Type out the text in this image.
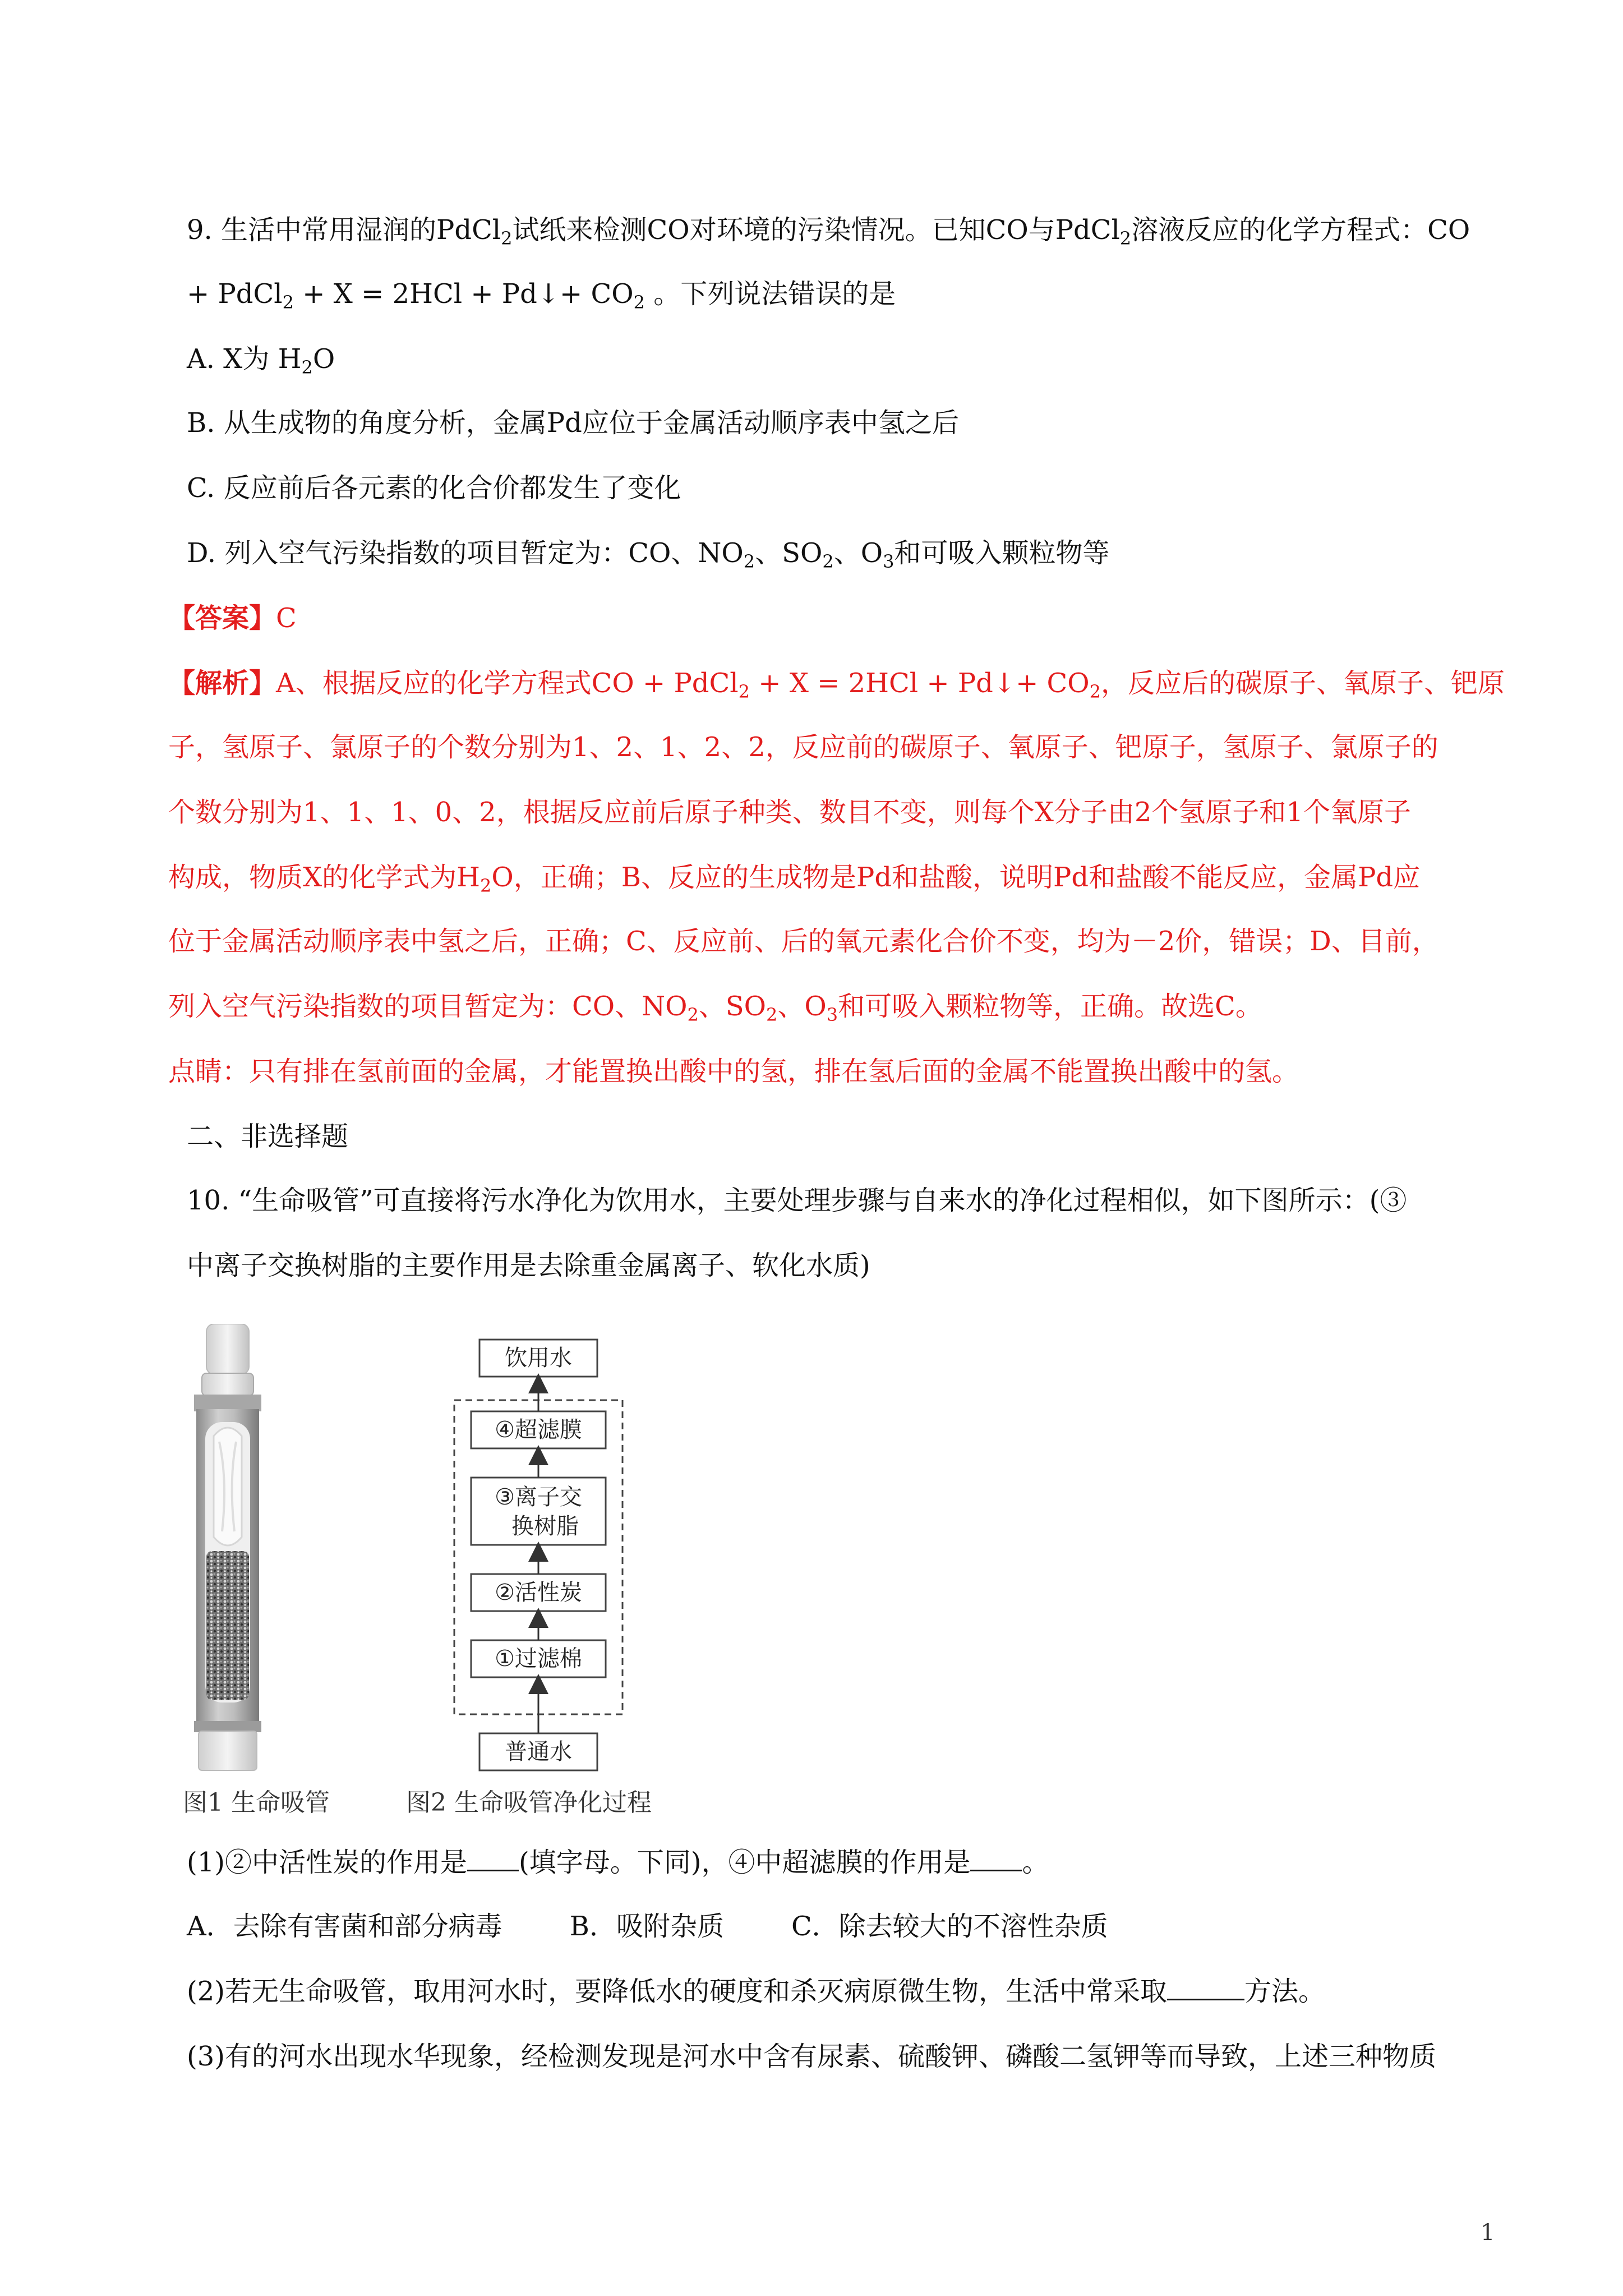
9. 生活中常用湿润的PdCl$_2$试纸来检测CO对环境的污染情况。已知CO与PdCl$_2$溶液反应的化学方程式：CO
+ PdCl$_2$ + X = 2HCl + Pd↓+ $CO_2$ 。下列说法错误的是
A. X为 $H_2O$
B. 从生成物的角度分析，金属Pd应位于金属活动顺序表中氢之后
C. 反应前后各元素的化合价都发生了变化
D. 列入空气污染指数的项目暂定为：CO、$NO_2$、$SO_2$、$O_3$和可吸入颗粒物等
【答案】C
【解析】A、根据反应的化学方程式CO + PdCl$_2$ + X = 2HCl + Pd↓+ $CO_2$，反应后的碳原子、氧原子、钯原
子，氢原子、氯原子的个数分别为1、2、1、2、2，反应前的碳原子、氧原子、钯原子，氢原子、氯原子的
个数分别为1、1、1、0、2，根据反应前后原子种类、数目不变，则每个X分子由2个氢原子和1个氧原子
构成，物质X的化学式为$H_2O$，正确；B、反应的生成物是Pd和盐酸，说明Pd和盐酸不能反应，金属Pd应
位于金属活动顺序表中氢之后，正确；C、反应前、后的氧元素化合价不变，均为－2价，错误；D、目前，
列入空气污染指数的项目暂定为：CO、$NO_2$、$SO_2$、$O_3$和可吸入颗粒物等，正确。故选C。
点睛：只有排在氢前面的金属，才能置换出酸中的氢，排在氢后面的金属不能置换出酸中的氢。
二、非选择题
10. “生命吸管”可直接将污水净化为饮用水，主要处理步骤与自来水的净化过程相似，如下图所示：(③
中离子交换树脂的主要作用是去除重金属离子、软化水质)
饮用水
④超滤膜
③离子交
换树脂
②活性炭
①过滤棉
普通水
图1 生命吸管	图2 生命吸管净化过程
(1)②中活性炭的作用是 (填字母。下同)，④中超滤膜的作用是 。
A．去除有害菌和部分病毒	B．吸附杂质	C．除去较大的不溶性杂质
(2)若无生命吸管，取用河水时，要降低水的硬度和杀灭病原微生物，生活中常采取	方法。
(3)有的河水出现水华现象，经检测发现是河水中含有尿素、硫酸钾、磷酸二氢钾等而导致，上述三种物质
1
